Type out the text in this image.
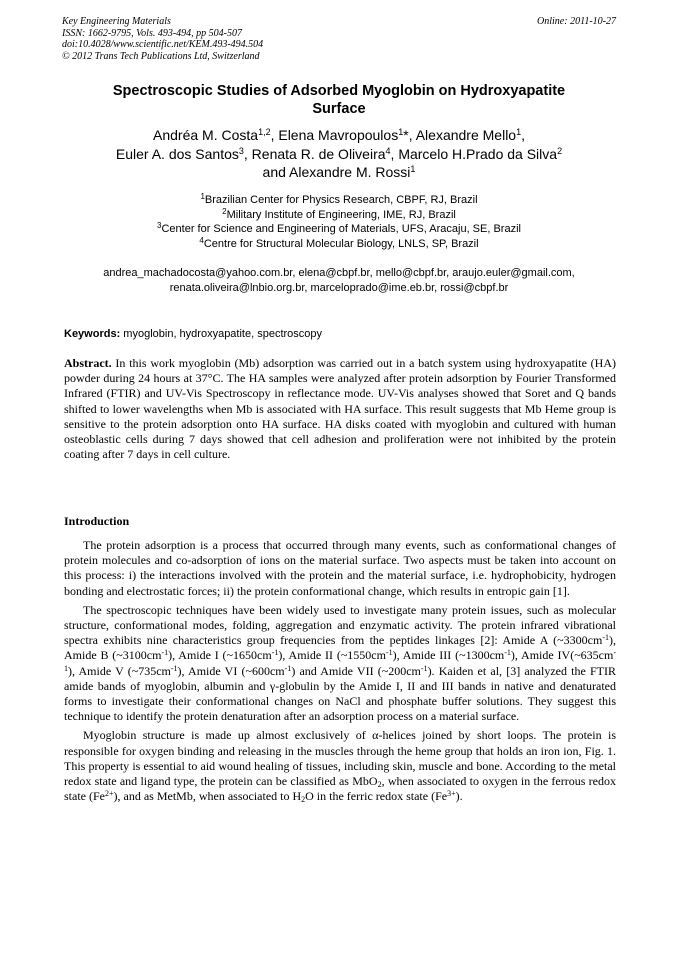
Key Engineering Materials
ISSN: 1662-9795, Vols. 493-494, pp 504-507
doi:10.4028/www.scientific.net/KEM.493-494.504
© 2012 Trans Tech Publications Ltd, Switzerland
Online: 2011-10-27
Spectroscopic Studies of Adsorbed Myoglobin on Hydroxyapatite
Surface
Andréa M. Costa$^{1,2}$, Elena Mavropoulos$^1$*, Alexandre Mello$^1$,
Euler A. dos Santos$^3$, Renata R. de Oliveira$^4$, Marcelo H.Prado da Silva$^2$
and Alexandre M. Rossi$^1$
$^1$Brazilian Center for Physics Research, CBPF, RJ, Brazil
$^2$Military Institute of Engineering, IME, RJ, Brazil
$^3$Center for Science and Engineering of Materials, UFS, Aracaju, SE, Brazil
$^4$Centre for Structural Molecular Biology, LNLS, SP, Brazil
andrea_machadocosta@yahoo.com.br, elena@cbpf.br, mello@cbpf.br, araujo.euler@gmail.com,
renata.oliveira@lnbio.org.br, marceloprado@ime.eb.br, rossi@cbpf.br
Keywords: myoglobin, hydroxyapatite, spectroscopy
Abstract. In this work myoglobin (Mb) adsorption was carried out in a batch system using hydroxyapatite (HA) powder during 24 hours at 37°C. The HA samples were analyzed after protein adsorption by Fourier Transformed Infrared (FTIR) and UV-Vis Spectroscopy in reflectance mode. UV-Vis analyses showed that Soret and Q bands shifted to lower wavelengths when Mb is associated with HA surface. This result suggests that Mb Heme group is sensitive to the protein adsorption onto HA surface. HA disks coated with myoglobin and cultured with human osteoblastic cells during 7 days showed that cell adhesion and proliferation were not inhibited by the protein coating after 7 days in cell culture.
Introduction

The protein adsorption is a process that occurred through many events, such as conformational changes of protein molecules and co-adsorption of ions on the material surface. Two aspects must be taken into account on this process: i) the interactions involved with the protein and the material surface, i.e. hydrophobicity, hydrogen bonding and electrostatic forces; ii) the protein conformational change, which results in entropic gain [1].

The spectroscopic techniques have been widely used to investigate many protein issues, such as molecular structure, conformational modes, folding, aggregation and enzymatic activity. The protein infrared vibrational spectra exhibits nine characteristics group frequencies from the peptides linkages [2]: Amide A $(\sim 3300cm^{-1})$, Amide B $(\sim 3100cm^{-1})$, Amide I $(\sim 1650cm^{-1})$, Amide II $(\sim 1550cm^{-1})$, Amide III $(\sim 1300cm^{-1})$, Amide $IV(\sim 635cm^{-1})$, Amide V $(\sim 735cm^{-1})$, Amide VI $(\sim 600cm^{-1})$ and Amide VII $(\sim 200cm^{-1})$. Kaiden et al, [3] analyzed the FTIR amide bands of myoglobin, albumin and γ-globulin by the Amide I, II and III bands in native and denaturated forms to investigate their conformational changes on NaCl and phosphate buffer solutions. They suggest this technique to identify the protein denaturation after an adsorption process on a material surface.

Myoglobin structure is made up almost exclusively of α-helices joined by short loops. The protein is responsible for oxygen binding and releasing in the muscles through the heme group that holds an iron ion, Fig. 1. This property is essential to aid wound healing of tissues, including skin, muscle and bone. According to the metal redox state and ligand type, the protein can be classified as MbO$_2$, when associated to oxygen in the ferrous redox state $(Fe^{2+})$, and as MetMb, when associated to $H_2O$ in the ferric redox state $(Fe^{3+})$.
